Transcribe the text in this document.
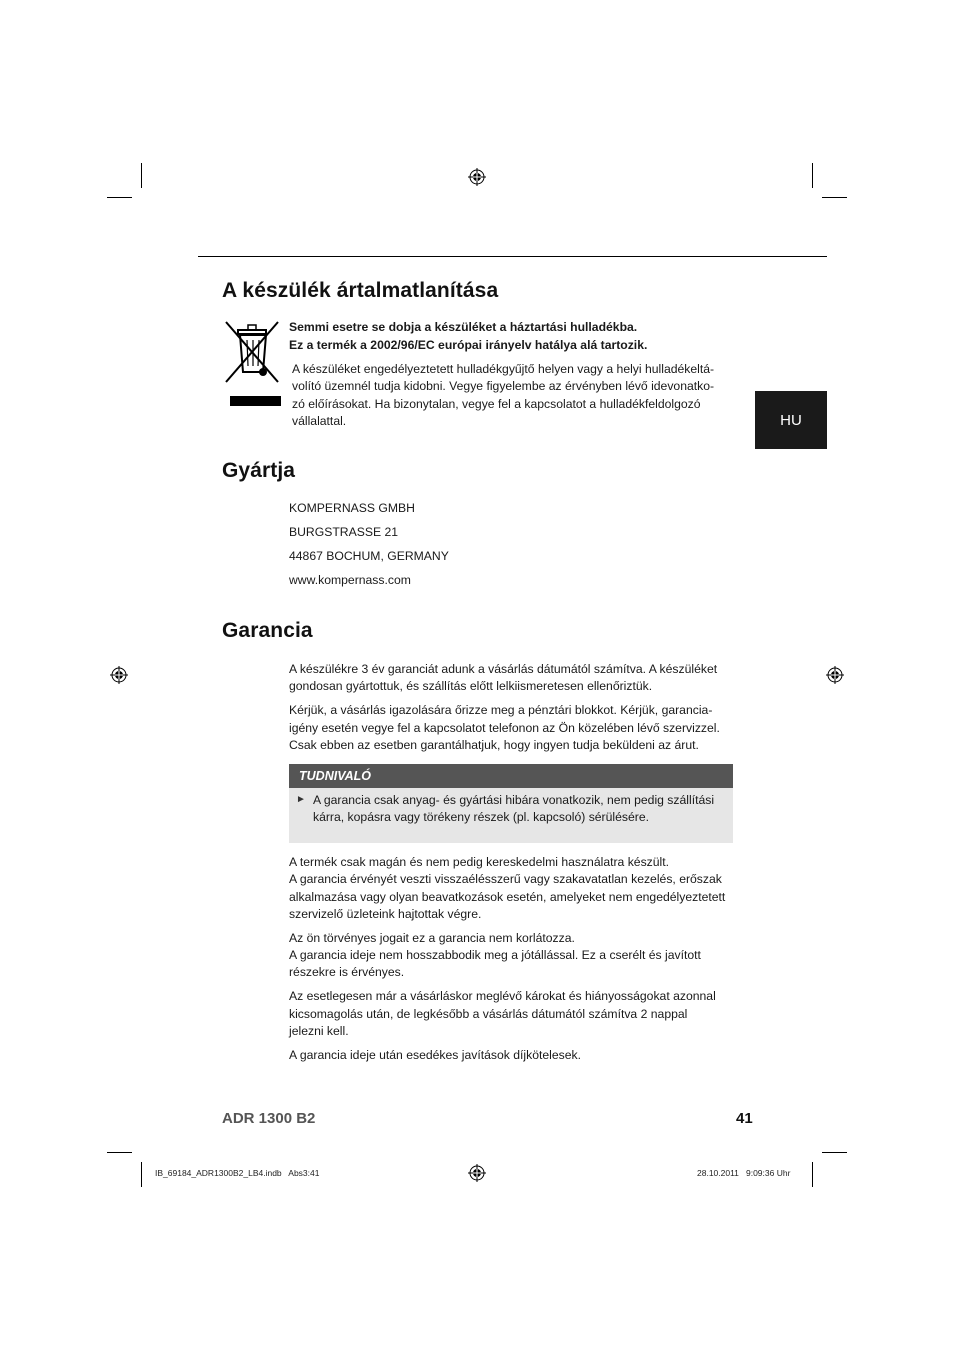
A készülék ártalmatlanítása
Semmi esetre se dobja a készüléket a háztartási hulladékba.
Ez a termék a 2002/96/EC európai irányelv hatálya alá tartozik.
A készüléket engedélyeztetett hulladékgyűjtő helyen vagy a helyi hulladékeltá-
volító üzemnél tudja kidobni. Vegye figyelembe az érvényben lévő idevonatko-
zó előírásokat. Ha bizonytalan, vegye fel a kapcsolatot a hulladékfeldolgozó
vállalattal.	HU
Gyártja
KOMPERNASS GMBH
BURGSTRASSE 21
44867 BOCHUM, GERMANY
www.kompernass.com
Garancia
A készülékre 3 év garanciát adunk a vásárlás dátumától számítva. A készüléket
gondosan gyártottuk, és szállítás előtt lelkiismeretesen ellenőriztük.
Kérjük, a vásárlás igazolására őrizze meg a pénztári blokkot. Kérjük, garancia-
igény esetén vegye fel a kapcsolatot telefonon az Ön közelében lévő szervizzel.
Csak ebben az esetben garantálhatjuk, hogy ingyen tudja beküldeni az árut.
TUDNIVALÓ
► A garancia csak anyag- és gyártási hibára vonatkozik, nem pedig szállítási
kárra, kopásra vagy törékeny részek (pl. kapcsoló) sérülésére.
A termék csak magán és nem pedig kereskedelmi használatra készült.
A garancia érvényét veszti visszaélésszerű vagy szakavatatlan kezelés, erőszak
alkalmazása vagy olyan beavatkozások esetén, amelyeket nem engedélyeztetett
szervizelő üzleteink hajtottak végre.
Az ön törvényes jogait ez a garancia nem korlátozza.
A garancia ideje nem hosszabbodik meg a jótállással. Ez a cserélt és javított
részekre is érvényes.
Az esetlegesen már a vásárláskor meglévő károkat és hiányosságokat azonnal
kicsomagolás után, de legkésőbb a vásárlás dátumától számítva 2 nappal
jelezni kell.
A garancia ideje után esedékes javítások díjkötelesek.
ADR 1300 B2	41
IB_69184_ADR1300B2_LB4.indb   Abs3:41	28.10.2011   9:09:36 Uhr
